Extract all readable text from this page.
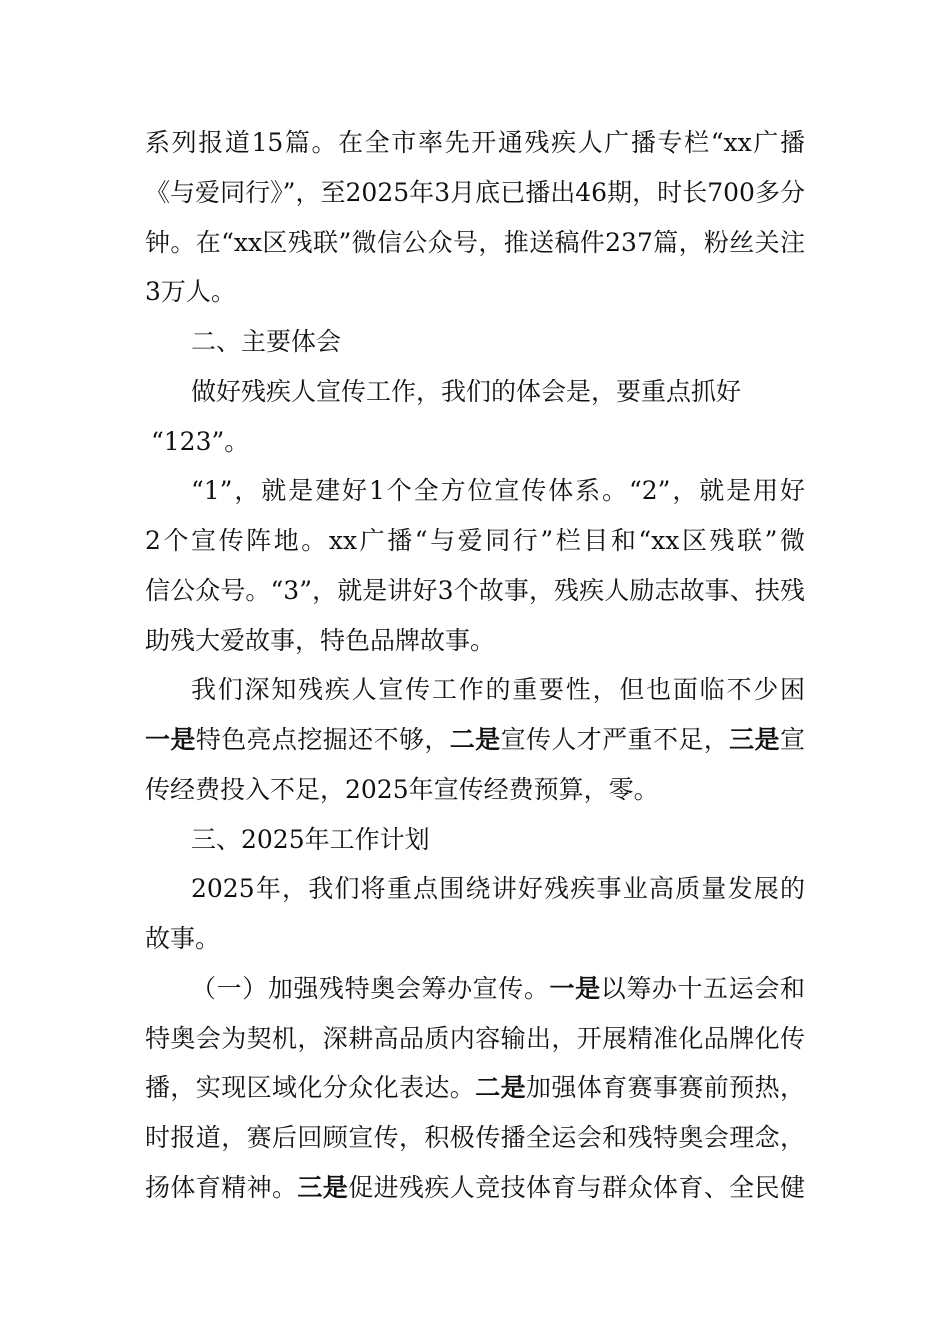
系列报道15篇。在全市率先开通残疾人广播专栏“xx广播
《与爱同行》”，至2025年3月底已播出46期，时长700多分
钟。在“xx区残联”微信公众号，推送稿件237篇，粉丝关注
3万人。
二、主要体会
做好残疾人宣传工作，我们的体会是，要重点抓好
“123”。
“1”，就是建好1个全方位宣传体系。“2”，就是用好
2个宣传阵地。xx广播“与爱同行”栏目和“xx区残联”微
信公众号。“3”，就是讲好3个故事，残疾人励志故事、扶残
助残大爱故事，特色品牌故事。
我们深知残疾人宣传工作的重要性，但也面临不少困
一是特色亮点挖掘还不够，二是宣传人才严重不足，三是宣
传经费投入不足，2025年宣传经费预算，零。
三、2025年工作计划
2025年，我们将重点围绕讲好残疾事业高质量发展的
故事。
（一）加强残特奥会筹办宣传。一是以筹办十五运会和
特奥会为契机，深耕高品质内容输出，开展精准化品牌化传
播，实现区域化分众化表达。二是加强体育赛事赛前预热，
时报道，赛后回顾宣传，积极传播全运会和残特奥会理念，
扬体育精神。三是促进残疾人竞技体育与群众体育、全民健
